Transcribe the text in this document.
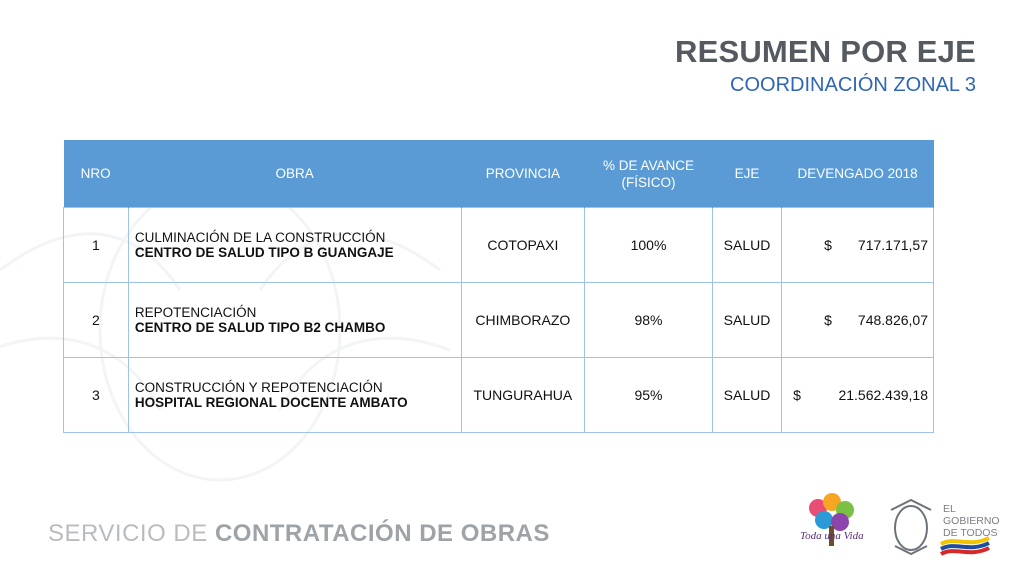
RESUMEN POR EJE
COORDINACIÓN ZONAL 3
NRO	OBRA	PROVINCIA	% DE AVANCE (FÍSICO)	EJE	DEVENGADO 2018
1	CULMINACIÓN DE LA CONSTRUCCIÓN
CENTRO DE SALUD TIPO B GUANGAJE	COTOPAXI	100%	SALUD	$ 717.171,57

2	REPOTENCIACIÓN
CENTRO DE SALUD TIPO B2 CHAMBO	CHIMBORAZO	98%	SALUD	$ 748.826,07

3	CONSTRUCCIÓN Y REPOTENCIACIÓN
HOSPITAL REGIONAL DOCENTE AMBATO	TUNGURAHUA	95%	SALUD	$ 21.562.439,18
SERVICIO DE CONTRATACIÓN DE OBRAS	Toda una Vida
EL
GOBIERNO
DE TODOS
